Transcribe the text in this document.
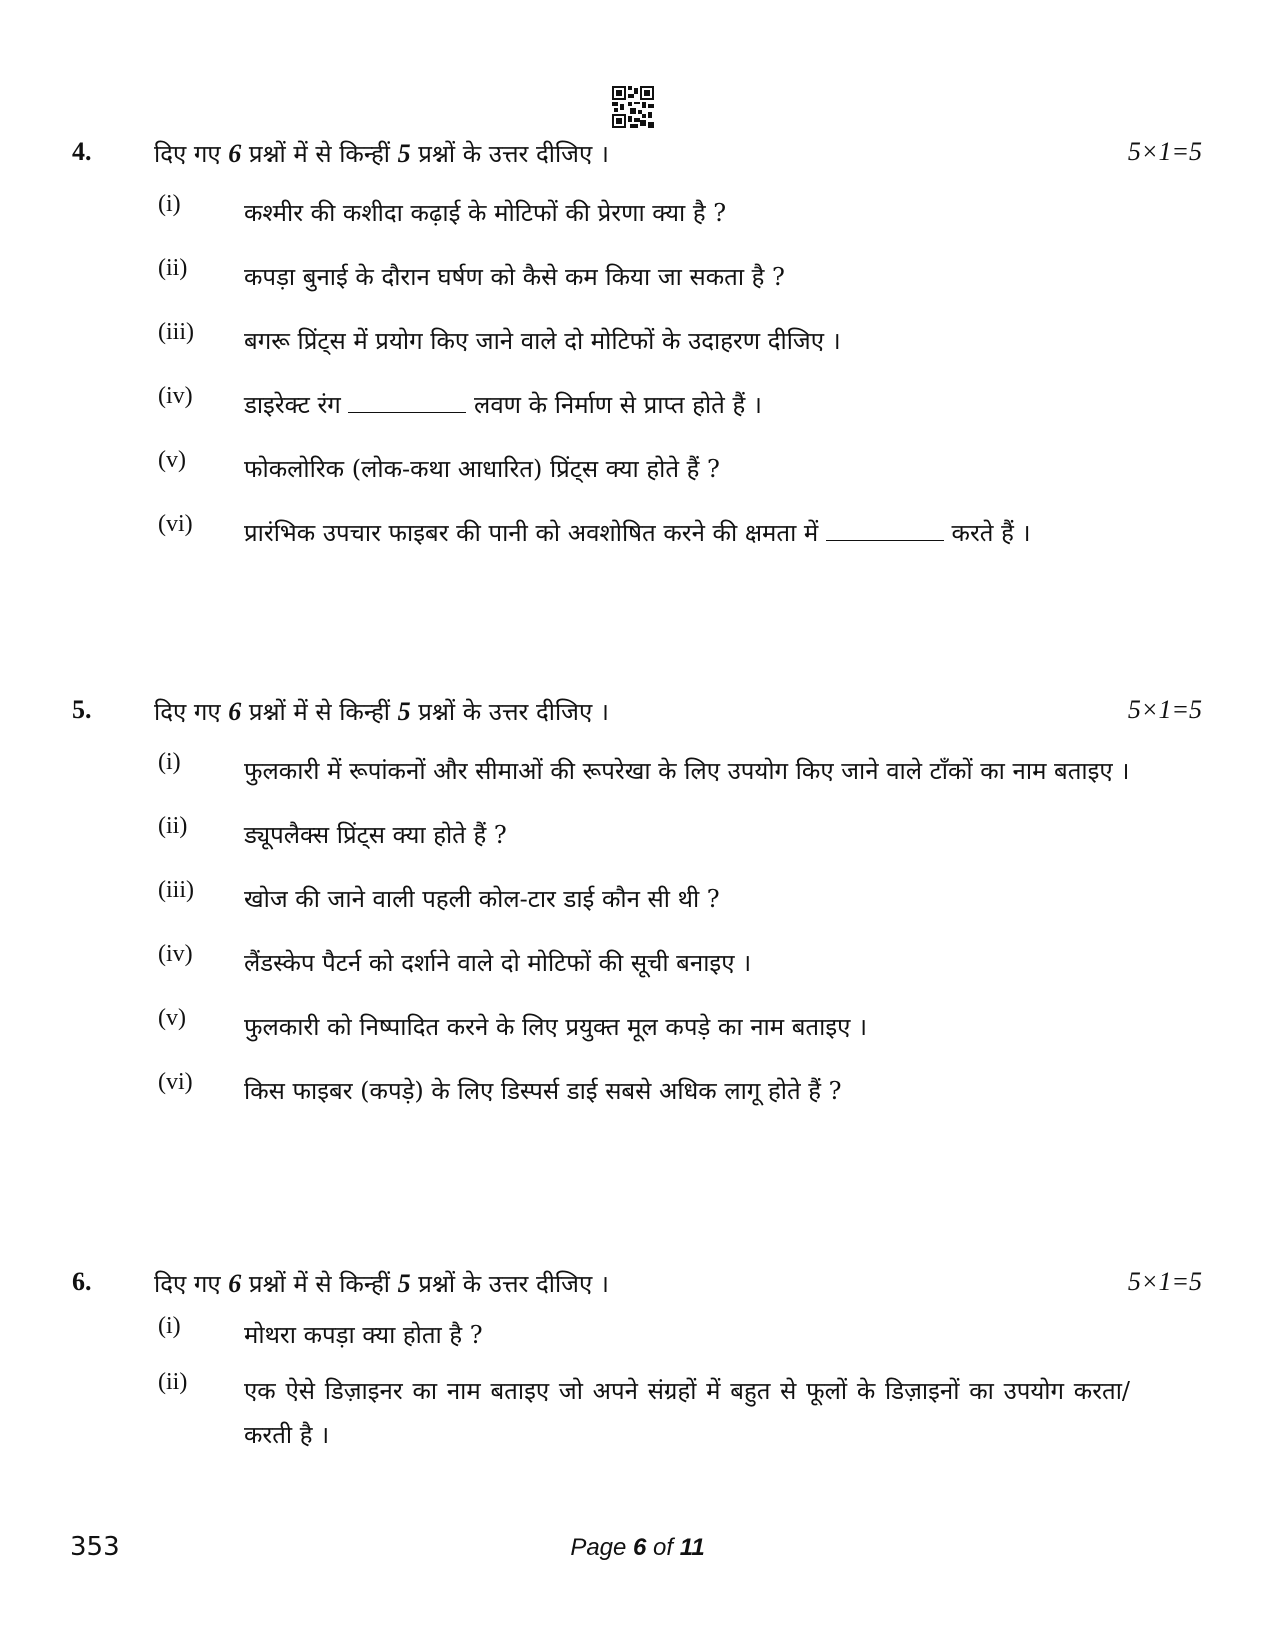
4.	दिए गए 6 प्रश्नों में से किन्हीं 5 प्रश्नों के उत्तर दीजिए ।	5×1=5
(i)	कश्मीर की कशीदा कढ़ाई के मोटिफों की प्रेरणा क्या है ?
(ii) कपड़ा बुनाई के दौरान घर्षण को कैसे कम किया जा सकता है ?
(iii) बगरू प्रिंट्स में प्रयोग किए जाने वाले दो मोटिफों के उदाहरण दीजिए ।
(iv) डाइरेक्ट रंग	लवण के निर्माण से प्राप्त होते हैं ।
(v) फोकलोरिक (लोक-कथा आधारित) प्रिंट्स क्या होते हैं ?
(vi) प्रारंभिक उपचार फाइबर की पानी को अवशोषित करने की क्षमता में	करते हैं ।
5.	दिए गए 6 प्रश्नों में से किन्हीं 5 प्रश्नों के उत्तर दीजिए ।	5×1=5
(i)	फुलकारी में रूपांकनों और सीमाओं की रूपरेखा के लिए उपयोग किए जाने वाले टाँकों का नाम बताइए ।
(ii) ड्यूपलैक्स प्रिंट्स क्या होते हैं ?
(iii) खोज की जाने वाली पहली कोल-टार डाई कौन सी थी ?
(iv) लैंडस्केप पैटर्न को दर्शाने वाले दो मोटिफों की सूची बनाइए ।
(v) फुलकारी को निष्पादित करने के लिए प्रयुक्त मूल कपड़े का नाम बताइए ।
(vi) किस फाइबर (कपड़े) के लिए डिस्पर्स डाई सबसे अधिक लागू होते हैं ?
6.	दिए गए 6 प्रश्नों में से किन्हीं 5 प्रश्नों के उत्तर दीजिए ।	5×1=5
(i)	मोथरा कपड़ा क्या होता है ?
(ii) एक ऐसे डिज़ाइनर का नाम बताइए जो अपने संग्रहों में बहुत से फूलों के डिज़ाइनों का उपयोग करता/करती है ।
353	Page 6 of 11
